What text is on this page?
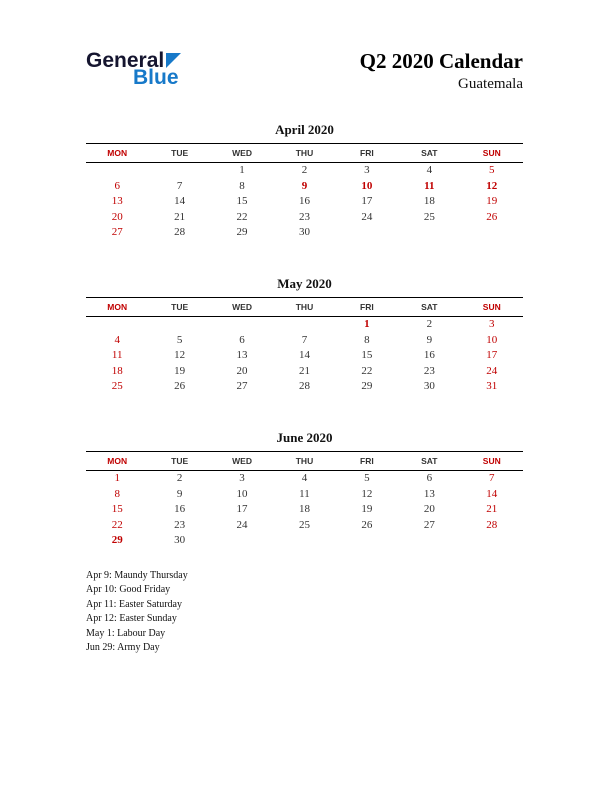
General
Blue
Q2 2020 Calendar
Guatemala
April 2020
MON	TUE	WED	THU	FRI	SAT	SUN
		1	2	3	4	5
6	7	8	9	10	11	12
13	14	15	16	17	18	19
20	21	22	23	24	25	26
27	28	29	30			
May 2020
MON	TUE	WED	THU	FRI	SAT	SUN
				1	2	3
4	5	6	7	8	9	10
11	12	13	14	15	16	17
18	19	20	21	22	23	24
25	26	27	28	29	30	31
June 2020
MON	TUE	WED	THU	FRI	SAT	SUN
1	2	3	4	5	6	7
8	9	10	11	12	13	14
15	16	17	18	19	20	21
22	23	24	25	26	27	28
29	30					
Apr 9: Maundy Thursday
Apr 10: Good Friday
Apr 11: Easter Saturday
Apr 12: Easter Sunday
May 1: Labour Day
Jun 29: Army Day
